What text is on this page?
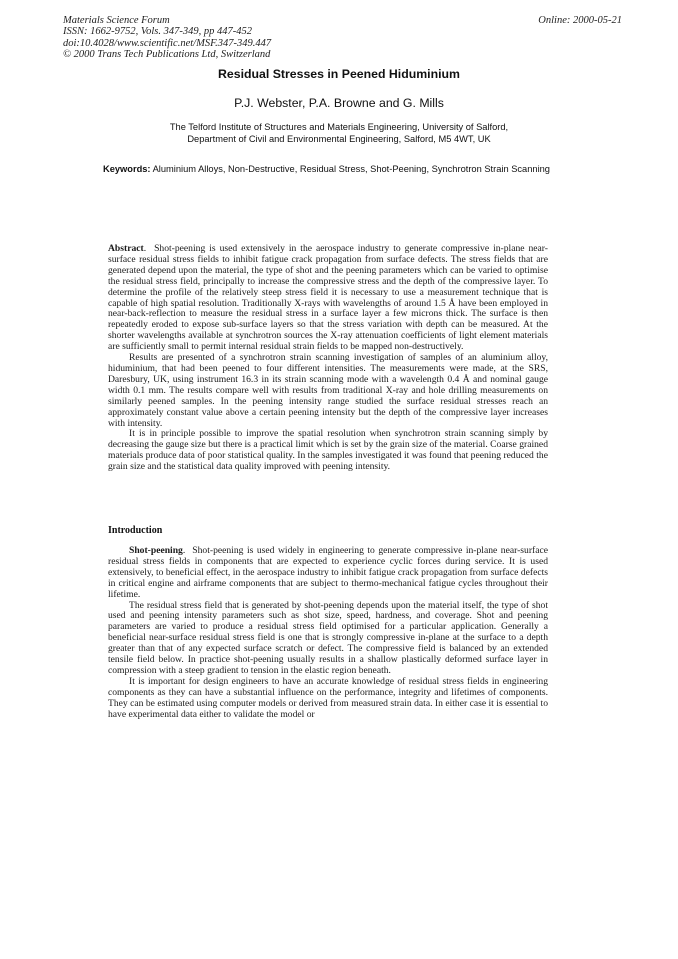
Materials Science Forum
ISSN: 1662-9752, Vols. 347-349, pp 447-452
doi:10.4028/www.scientific.net/MSF.347-349.447
© 2000 Trans Tech Publications Ltd, Switzerland
Online: 2000-05-21
Residual Stresses in Peened Hiduminium
P.J. Webster, P.A. Browne and G. Mills
The Telford Institute of Structures and Materials Engineering, University of Salford,
Department of Civil and Environmental Engineering, Salford, M5 4WT, UK
Keywords: Aluminium Alloys, Non-Destructive, Residual Stress, Shot-Peening, Synchrotron Strain Scanning

Abstract.  Shot-peening is used extensively in the aerospace industry to generate compressive in-plane near-surface residual stress fields to inhibit fatigue crack propagation from surface defects. The stress fields that are generated depend upon the material, the type of shot and the peening parameters which can be varied to optimise the residual stress field, principally to increase the compressive stress and the depth of the compressive layer. To determine the profile of the relatively steep stress field it is necessary to use a measurement technique that is capable of high spatial resolution. Traditionally X-rays with wavelengths of around 1.5 Å have been employed in near-back-reflection to measure the residual stress in a surface layer a few microns thick. The surface is then repeatedly eroded to expose sub-surface layers so that the stress variation with depth can be measured. At the shorter wavelengths available at synchrotron sources the X-ray attenuation coefficients of light element materials are sufficiently small to permit internal residual strain fields to be mapped non-destructively.

Results are presented of a synchrotron strain scanning investigation of samples of an aluminium alloy, hiduminium, that had been peened to four different intensities. The measurements were made, at the SRS, Daresbury, UK, using instrument 16.3 in its strain scanning mode with a wavelength 0.4 Å and nominal gauge width 0.1 mm. The results compare well with results from traditional X-ray and hole drilling measurements on similarly peened samples. In the peening intensity range studied the surface residual stresses reach an approximately constant value above a certain peening intensity but the depth of the compressive layer increases with intensity.

It is in principle possible to improve the spatial resolution when synchrotron strain scanning simply by decreasing the gauge size but there is a practical limit which is set by the grain size of the material. Coarse grained materials produce data of poor statistical quality. In the samples investigated it was found that peening reduced the grain size and the statistical data quality improved with peening intensity.

Introduction

Shot-peening.  Shot-peening is used widely in engineering to generate compressive in-plane near-surface residual stress fields in components that are expected to experience cyclic forces during service. It is used extensively, to beneficial effect, in the aerospace industry to inhibit fatigue crack propagation from surface defects in critical engine and airframe components that are subject to thermo-mechanical fatigue cycles throughout their lifetime.

The residual stress field that is generated by shot-peening depends upon the material itself, the type of shot used and peening intensity parameters such as shot size, speed, hardness, and coverage. Shot and peening parameters are varied to produce a residual stress field optimised for a particular application. Generally a beneficial near-surface residual stress field is one that is strongly compressive in-plane at the surface to a depth greater than that of any expected surface scratch or defect. The compressive field is balanced by an extended tensile field below. In practice shot-peening usually results in a shallow plastically deformed surface layer in compression with a steep gradient to tension in the elastic region beneath.

It is important for design engineers to have an accurate knowledge of residual stress fields in engineering components as they can have a substantial influence on the performance, integrity and lifetimes of components. They can be estimated using computer models or derived from measured strain data. In either case it is essential to have experimental data either to validate the model or
